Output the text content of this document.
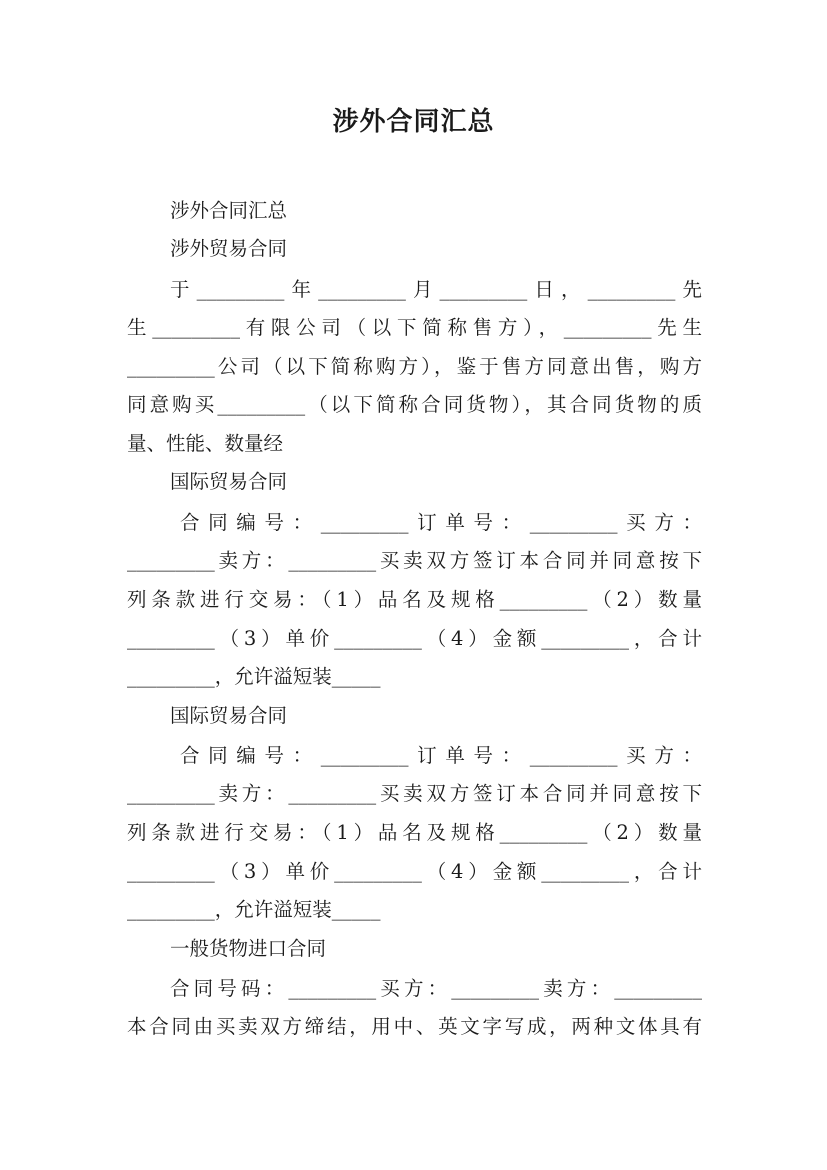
涉外合同汇总
涉外合同汇总
涉外贸易合同
于_________年_________月_________日，_________先
生_________有限公司（以下简称售方），_________先生
_________公司（以下简称购方），鉴于售方同意出售，购方
同意购买_________（以下简称合同货物），其合同货物的质
量、性能、数量经
国际贸易合同
合同编号：_________订单号：_________买方：
_________卖方：_________买卖双方签订本合同并同意按下
列条款进行交易：（1）品名及规格_________（2）数量
_________（3）单价_________（4）金额_________，合计
_________，允许溢短装_____
国际贸易合同
合同编号：_________订单号：_________买方：
_________卖方：_________买卖双方签订本合同并同意按下
列条款进行交易：（1）品名及规格_________（2）数量
_________（3）单价_________（4）金额_________，合计
_________，允许溢短装_____
一般货物进口合同
合同号码：_________买方：_________卖方：_________
本合同由买卖双方缔结，用中、英文字写成，两种文体具有
